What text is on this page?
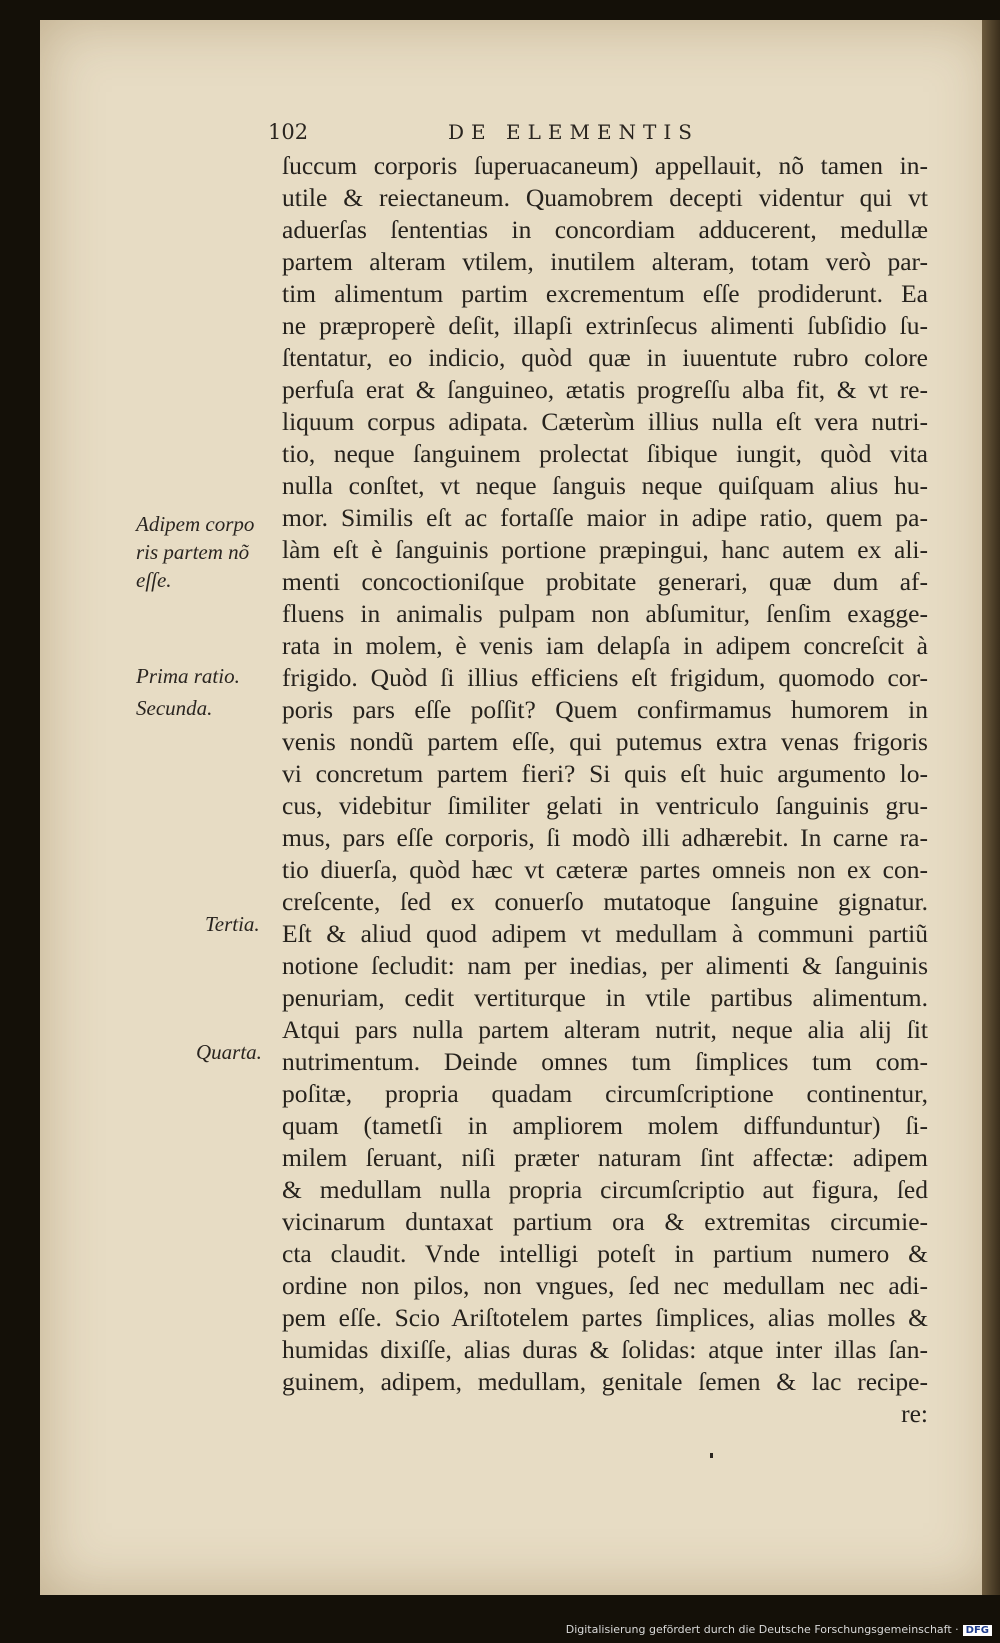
102	DE ELEMENTIS
ſuccum corporis ſuperuacaneum) appellauit, nõ tamen in-
utile & reiectaneum. Quamobrem decepti videntur qui vt
aduerſas ſententias in concordiam adducerent, medullæ
partem alteram vtilem, inutilem alteram, totam verò par-
tim alimentum partim excrementum eſſe prodiderunt. Ea
ne præproperè deſit, illapſi extrinſecus alimenti ſubſidio ſu-
ſtentatur, eo indicio, quòd quæ in iuuentute rubro colore
perfuſa erat & ſanguineo, ætatis progreſſu alba fit, & vt re-
liquum corpus adipata. Cæterùm illius nulla eſt vera nutri-
tio, neque ſanguinem prolectat ſibique iungit, quòd vita
nulla conſtet, vt neque ſanguis neque quiſquam alius hu-
mor. Similis eſt ac fortaſſe maior in adipe ratio, quem pa-
làm eſt è ſanguinis portione præpingui, hanc autem ex ali-
menti concoctioniſque probitate generari, quæ dum af-
fluens in animalis pulpam non abſumitur, ſenſim exagge-
rata in molem, è venis iam delapſa in adipem concreſcit à
frigido. Quòd ſi illius efficiens eſt frigidum, quomodo cor-
poris pars eſſe poſſit? Quem confirmamus humorem in
venis nondũ partem eſſe, qui putemus extra venas frigoris
vi concretum partem fieri? Si quis eſt huic argumento lo-
cus, videbitur ſimiliter gelati in ventriculo ſanguinis gru-
mus, pars eſſe corporis, ſi modò illi adhærebit. In carne ra-
tio diuerſa, quòd hæc vt cæteræ partes omneis non ex con-
creſcente, ſed ex conuerſo mutatoque ſanguine gignatur.
Eſt & aliud quod adipem vt medullam à communi partiũ
notione ſecludit: nam per inedias, per alimenti & ſanguinis
penuriam, cedit vertiturque in vtile partibus alimentum.
Atqui pars nulla partem alteram nutrit, neque alia alij ſit
nutrimentum. Deinde omnes tum ſimplices tum com-
poſitæ, propria quadam circumſcriptione continentur,
quam (tametſi in ampliorem molem diffunduntur) ſi-
milem ſeruant, niſi præter naturam ſint affectæ: adipem
& medullam nulla propria circumſcriptio aut figura, ſed
vicinarum duntaxat partium ora & extremitas circumie-
cta claudit. Vnde intelligi poteſt in partium numero &
ordine non pilos, non vngues, ſed nec medullam nec adi-
pem eſſe. Scio Ariſtotelem partes ſimplices, alias molles &
humidas dixiſſe, alias duras & ſolidas: atque inter illas ſan-
guinem, adipem, medullam, genitale ſemen & lac recipe-
re:
Adipem corpo
ris partem nõ
eſſe.
Prima ratio.
Secunda.
Tertia.
Quarta.
Digitalisierung gefördert durch die Deutsche Forschungsgemeinschaft · DFG
